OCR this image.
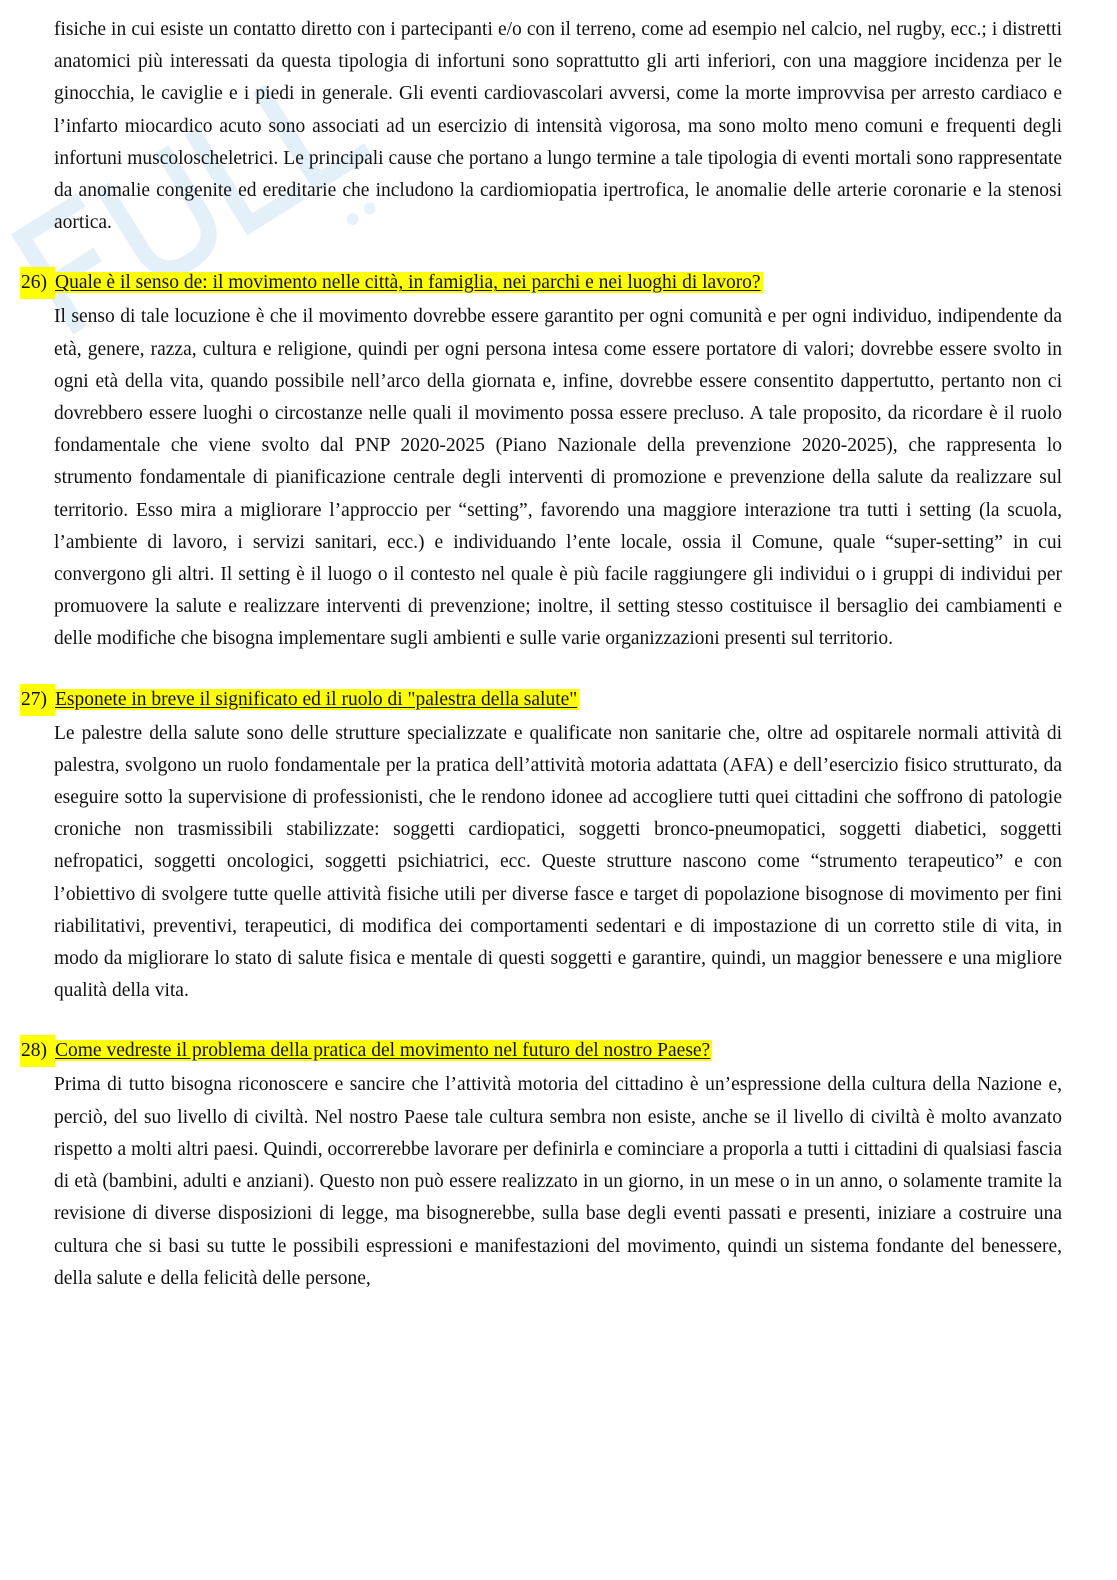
fisiche in cui esiste un contatto diretto con i partecipanti e/o con il terreno, come ad esempio nel calcio, nel rugby, ecc.; i distretti anatomici più interessati da questa tipologia di infortuni sono soprattutto gli arti inferiori, con una maggiore incidenza per le ginocchia, le caviglie e i piedi in generale. Gli eventi cardiovascolari avversi, come la morte improvvisa per arresto cardiaco e l’infarto miocardico acuto sono associati ad un esercizio di intensità vigorosa, ma sono molto meno comuni e frequenti degli infortuni muscoloscheletrici. Le principali cause che portano a lungo termine a tale tipologia di eventi mortali sono rappresentate da anomalie congenite ed ereditarie che includono la cardiomiopatia ipertrofica, le anomalie delle arterie coronarie e la stenosi aortica.

26) Quale è il senso de: il movimento nelle città, in famiglia, nei parchi e nei luoghi di lavoro?

Il senso di tale locuzione è che il movimento dovrebbe essere garantito per ogni comunità e per ogni individuo, indipendente da età, genere, razza, cultura e religione, quindi per ogni persona intesa come essere portatore di valori; dovrebbe essere svolto in ogni età della vita, quando possibile nell’arco della giornata e, infine, dovrebbe essere consentito dappertutto, pertanto non ci dovrebbero essere luoghi o circostanze nelle quali il movimento possa essere precluso. A tale proposito, da ricordare è il ruolo fondamentale che viene svolto dal PNP 2020-2025 (Piano Nazionale della prevenzione 2020-2025), che rappresenta lo strumento fondamentale di pianificazione centrale degli interventi di promozione e prevenzione della salute da realizzare sul territorio. Esso mira a migliorare l’approccio per “setting”, favorendo una maggiore interazione tra tutti i setting (la scuola, l’ambiente di lavoro, i servizi sanitari, ecc.) e individuando l’ente locale, ossia il Comune, quale “super-setting” in cui convergono gli altri. Il setting è il luogo o il contesto nel quale è più facile raggiungere gli individui o i gruppi di individui per promuovere la salute e realizzare interventi di prevenzione; inoltre, il setting stesso costituisce il bersaglio dei cambiamenti e delle modifiche che bisogna implementare sugli ambienti e sulle varie organizzazioni presenti sul territorio.

27) Esponete in breve il significato ed il ruolo di "palestra della salute"

Le palestre della salute sono delle strutture specializzate e qualificate non sanitarie che, oltre ad ospitarele normali attività di palestra, svolgono un ruolo fondamentale per la pratica dell’attività motoria adattata (AFA) e dell’esercizio fisico strutturato, da eseguire sotto la supervisione di professionisti, che le rendono idonee ad accogliere tutti quei cittadini che soffrono di patologie croniche non trasmissibili stabilizzate: soggetti cardiopatici, soggetti bronco-pneumopatici, soggetti diabetici, soggetti nefropatici, soggetti oncologici, soggetti psichiatrici, ecc. Queste strutture nascono come “strumento terapeutico” e con l’obiettivo di svolgere tutte quelle attività fisiche utili per diverse fasce e target di popolazione bisognose di movimento per fini riabilitativi, preventivi, terapeutici, di modifica dei comportamenti sedentari e di impostazione di un corretto stile di vita, in modo da migliorare lo stato di salute fisica e mentale di questi soggetti e garantire, quindi, un maggior benessere e una migliore qualità della vita.

28) Come vedreste il problema della pratica del movimento nel futuro del nostro Paese?

Prima di tutto bisogna riconoscere e sancire che l’attività motoria del cittadino è un’espressione della cultura della Nazione e, perciò, del suo livello di civiltà. Nel nostro Paese tale cultura sembra non esiste, anche se il livello di civiltà è molto avanzato rispetto a molti altri paesi. Quindi, occorrerebbe lavorare per definirla e cominciare a proporla a tutti i cittadini di qualsiasi fascia di età (bambini, adulti e anziani). Questo non può essere realizzato in un giorno, in un mese o in un anno, o solamente tramite la revisione di diverse disposizioni di legge, ma bisognerebbe, sulla base degli eventi passati e presenti, iniziare a costruire una cultura che si basi su tutte le possibili espressioni e manifestazioni del movimento, quindi un sistema fondante del benessere, della salute e della felicità delle persone,
